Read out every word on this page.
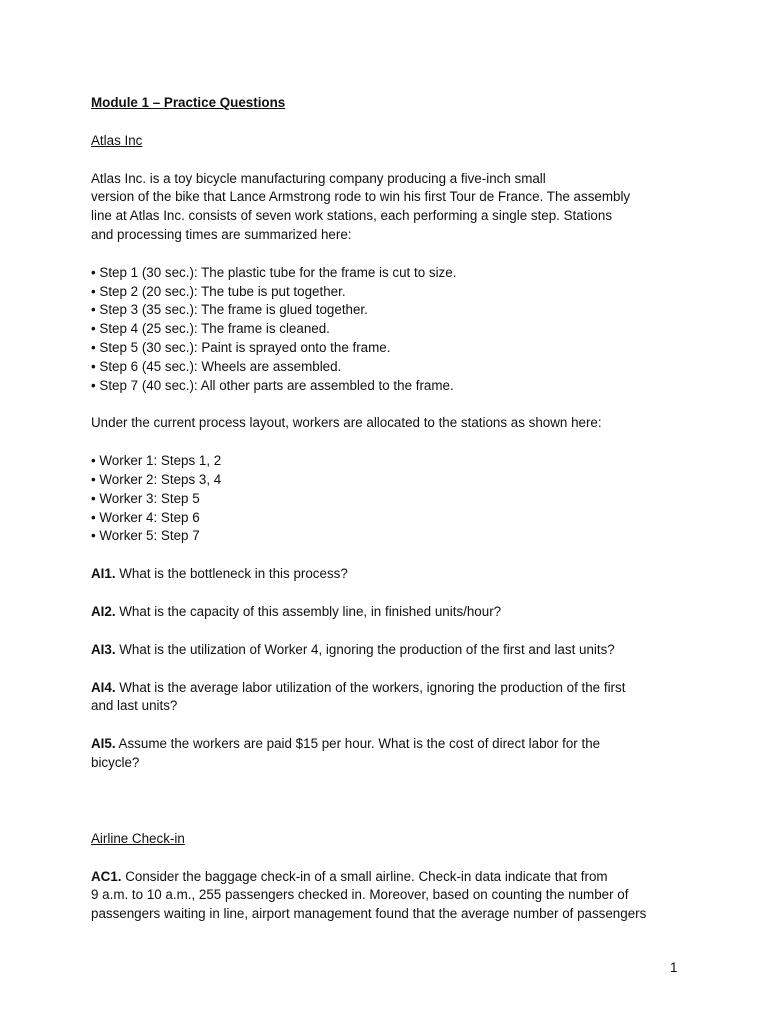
Module 1 – Practice Questions
Atlas Inc
Atlas Inc. is a toy bicycle manufacturing company producing a five-inch small
version of the bike that Lance Armstrong rode to win his first Tour de France. The assembly
line at Atlas Inc. consists of seven work stations, each performing a single step. Stations
and processing times are summarized here:
• Step 1 (30 sec.): The plastic tube for the frame is cut to size.
• Step 2 (20 sec.): The tube is put together.
• Step 3 (35 sec.): The frame is glued together.
• Step 4 (25 sec.): The frame is cleaned.
• Step 5 (30 sec.): Paint is sprayed onto the frame.
• Step 6 (45 sec.): Wheels are assembled.
• Step 7 (40 sec.): All other parts are assembled to the frame.
Under the current process layout, workers are allocated to the stations as shown here:
• Worker 1: Steps 1, 2
• Worker 2: Steps 3, 4
• Worker 3: Step 5
• Worker 4: Step 6
• Worker 5: Step 7
AI1. What is the bottleneck in this process?
AI2. What is the capacity of this assembly line, in finished units/hour?
AI3. What is the utilization of Worker 4, ignoring the production of the first and last units?
AI4. What is the average labor utilization of the workers, ignoring the production of the first
and last units?
AI5. Assume the workers are paid $15 per hour. What is the cost of direct labor for the
bicycle?
Airline Check-in
AC1. Consider the baggage check-in of a small airline. Check-in data indicate that from
9 a.m. to 10 a.m., 255 passengers checked in. Moreover, based on counting the number of
passengers waiting in line, airport management found that the average number of passengers
1
